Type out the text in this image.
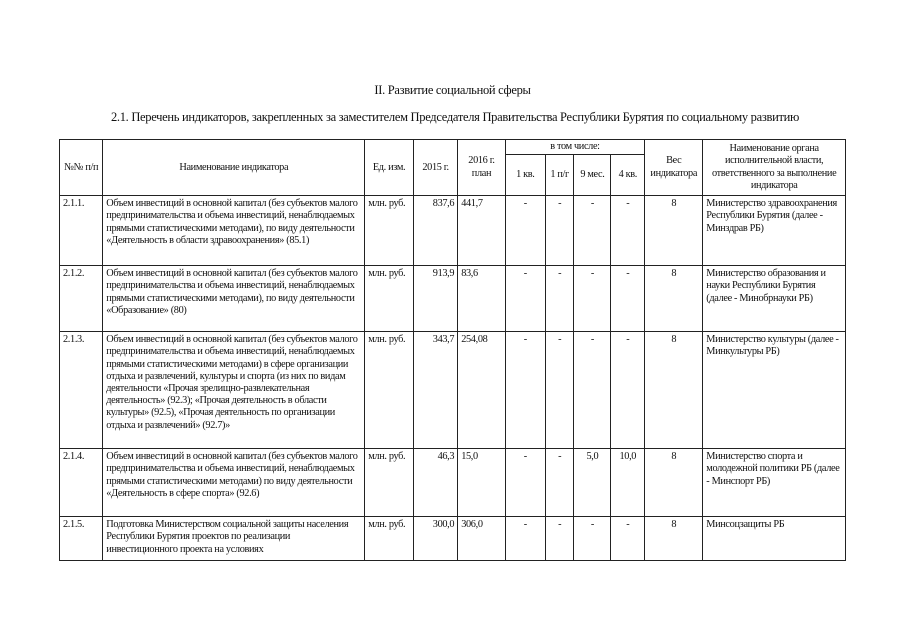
II. Развитие социальной сферы
2.1. Перечень индикаторов, закрепленных за заместителем Председателя Правительства Республики Бурятия по социальному развитию
№№ п/п	Наименование индикатора	Ед. изм.	2015 г.	2016 г. план	в том числе:				Вес индикатора	Наименование органа исполнительной власти, ответственного за выполнение индикатора
					1 кв.	1 п/г	9 мес.	4 кв.		
2.1.1.	Объем инвестиций в основной капитал (без субъектов малого предпринимательства и объема инвестиций, ненаблюдаемых прямыми статистическими методами), по виду деятельности «Деятельность в области здравоохранения» (85.1)	млн. руб.	837,6	441,7	-	-	-	-	8	Министерство здравоохранения Республики Бурятия (далее - Минздрав РБ)
2.1.2.	Объем инвестиций в основной капитал (без субъектов малого предпринимательства и объема инвестиций, ненаблюдаемых прямыми статистическими методами), по виду деятельности «Образование» (80)	млн. руб.	913,9	83,6	-	-	-	-	8	Министерство образования и науки Республики Бурятия (далее - Минобрнауки РБ)
2.1.3.	Объем инвестиций в основной капитал (без субъектов малого предпринимательства и объема инвестиций, ненаблюдаемых прямыми статистическими методами) в сфере организации отдыха и развлечений, культуры и спорта (из них по видам деятельности «Прочая зрелищно-развлекательная деятельность» (92.3); «Прочая деятельность в области культуры» (92.5), «Прочая деятельность по организации отдыха и развлечений» (92.7)»	млн. руб.	343,7	254,08	-	-	-	-	8	Министерство культуры (далее - Минкультуры РБ)
2.1.4.	Объем инвестиций в основной капитал (без субъектов малого предпринимательства и объема инвестиций, ненаблюдаемых прямыми статистическими методами) по виду деятельности «Деятельность в сфере спорта» (92.6)	млн. руб.	46,3	15,0	-	-	5,0	10,0	8	Министерство спорта и молодежной политики РБ (далее - Минспорт РБ)
2.1.5.	Подготовка Министерством социальной защиты населения Республики Бурятия проектов по реализации инвестиционного проекта на условиях	млн. руб.	300,0	306,0	-	-	-	-	8	Минсоцзащиты РБ
